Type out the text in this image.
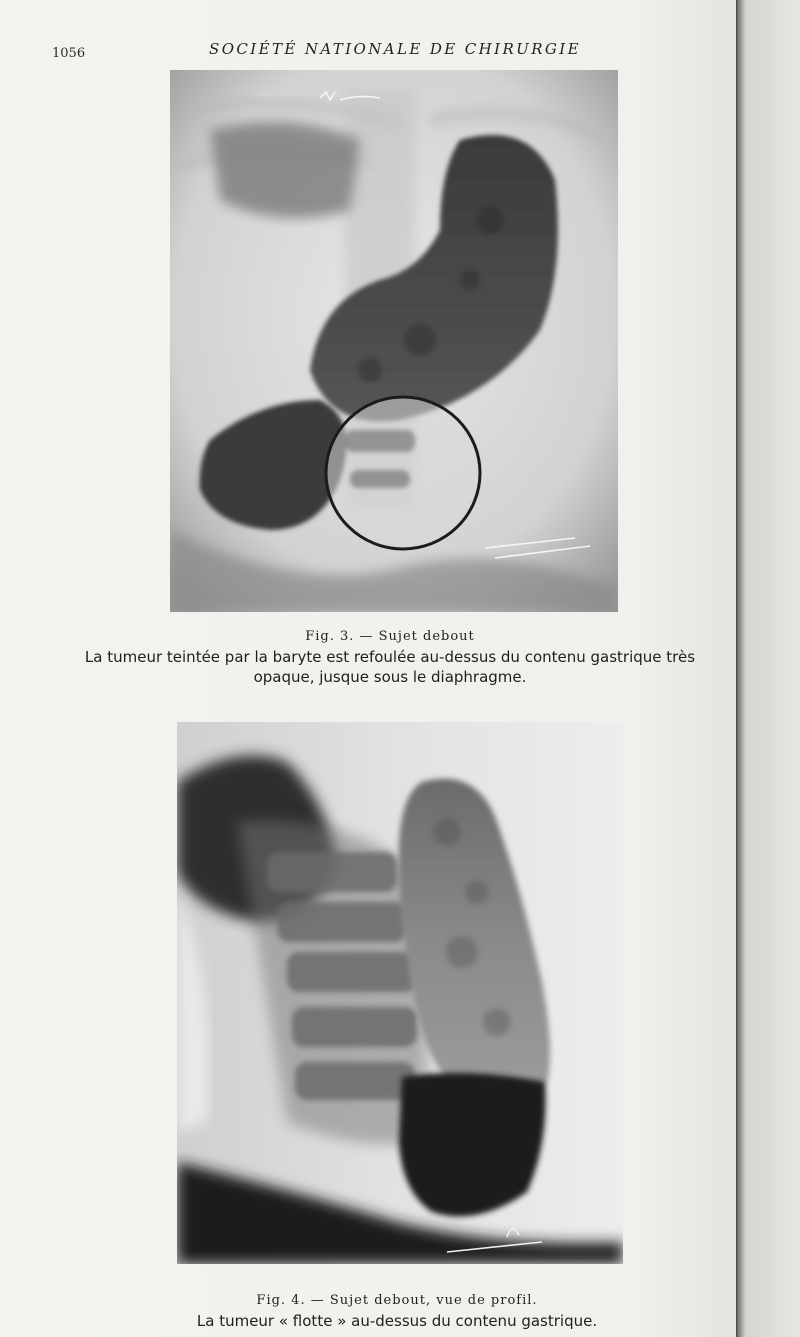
1056	SOCIÉTÉ NATIONALE DE CHIRURGIE
Fig. 3. — Sujet debout
La tumeur teintée par la baryte est refoulée au-dessus du contenu gastrique très
opaque, jusque sous le diaphragme.
Fig. 4. — Sujet debout, vue de profil.
La tumeur « flotte » au-dessus du contenu gastrique.
